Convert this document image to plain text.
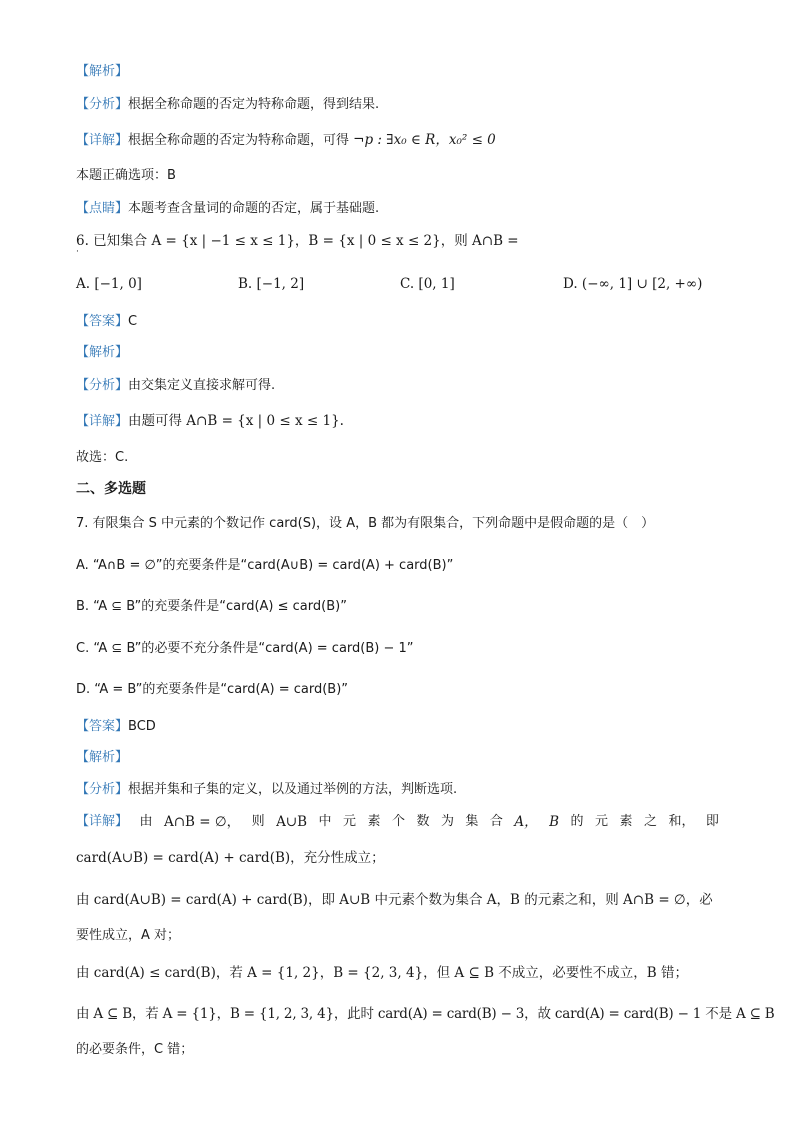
【解析】
【分析】根据全称命题的否定为特称命题，得到结果.
【详解】根据全称命题的否定为特称命题，可得 ¬p : ∃x₀ ∈ R，x₀² ≤ 0
本题正确选项：B
【点睛】本题考查含量词的命题的否定，属于基础题.
6. 已知集合 A = {x | −1 ≤ x ≤ 1}，B = {x | 0 ≤ x ≤ 2}，则 A∩B =
·
A. [−1, 0]	B. [−1, 2]	C. [0, 1]	D. (−∞, 1] ∪ [2, +∞)
【答案】C
【解析】
【分析】由交集定义直接求解可得.
【详解】由题可得 A∩B = {x | 0 ≤ x ≤ 1}.
故选：C.
二、多选题
7. 有限集合 S 中元素的个数记作 card(S)，设 A，B 都为有限集合，下列命题中是假命题的是（　）
A. “A∩B = ∅”的充要条件是“card(A∪B) = card(A) + card(B)”
B. “A ⊆ B”的充要条件是“card(A) ≤ card(B)”
C. “A ⊆ B”的必要不充分条件是“card(A) = card(B) − 1”
D. “A = B”的充要条件是“card(A) = card(B)”
【答案】BCD
【解析】
【分析】根据并集和子集的定义，以及通过举例的方法，判断选项.
【详解】 由 A∩B = ∅， 则 A∪B 中 元 素 个 数 为 集 合 A， B 的 元 素 之 和， 即
card(A∪B) = card(A) + card(B)，充分性成立；
由 card(A∪B) = card(A) + card(B)，即 A∪B 中元素个数为集合 A，B 的元素之和，则 A∩B = ∅，必
要性成立，A 对；
由 card(A) ≤ card(B)，若 A = {1, 2}，B = {2, 3, 4}，但 A ⊆ B 不成立，必要性不成立，B 错；
由 A ⊆ B，若 A = {1}，B = {1, 2, 3, 4}，此时 card(A) = card(B) − 3，故 card(A) = card(B) − 1 不是 A ⊆ B
的必要条件，C 错；
